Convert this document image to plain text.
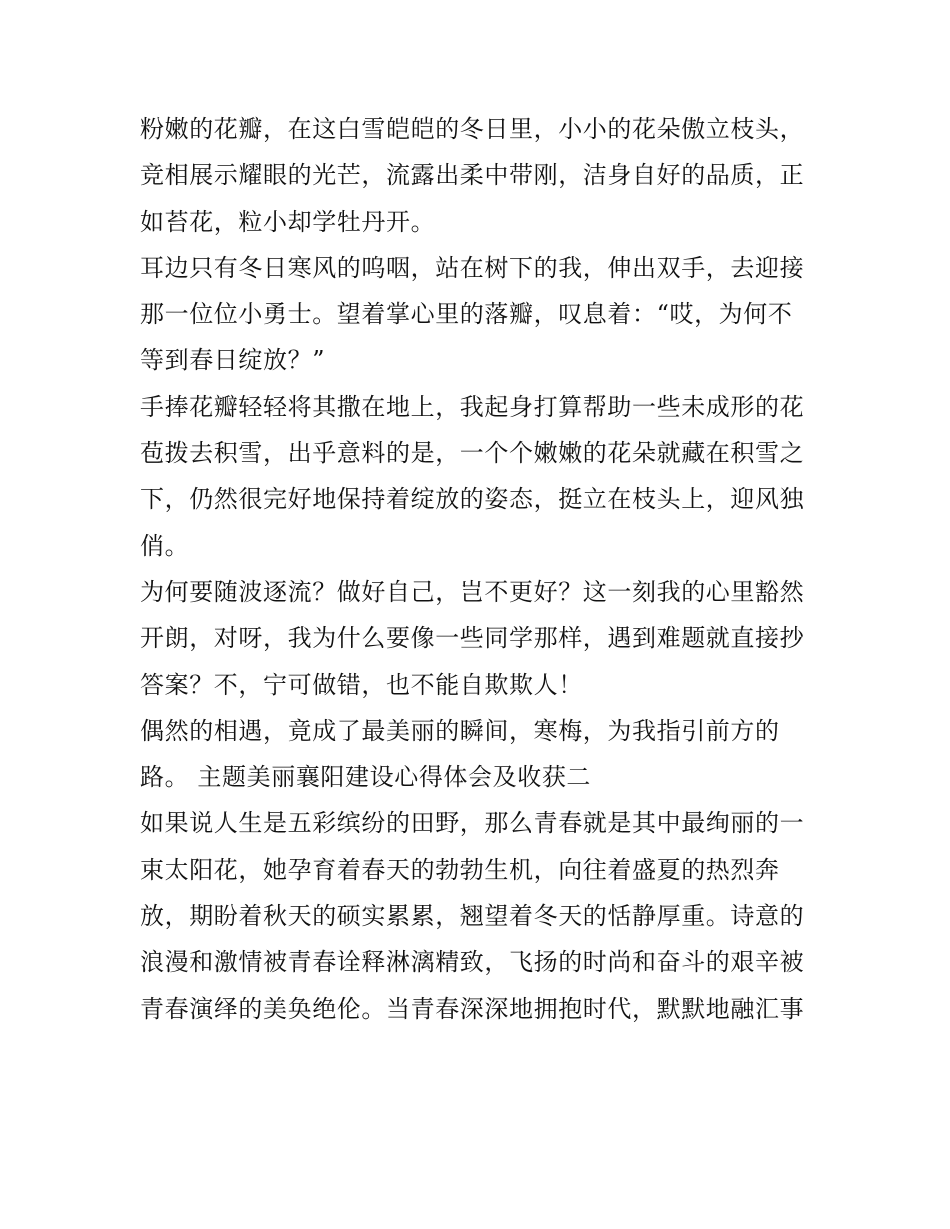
粉嫩的花瓣，在这白雪皑皑的冬日里，小小的花朵傲立枝头，
竞相展示耀眼的光芒，流露出柔中带刚，洁身自好的品质，正
如苔花，粒小却学牡丹开。
耳边只有冬日寒风的呜咽，站在树下的我，伸出双手，去迎接
那一位位小勇士。望着掌心里的落瓣，叹息着：“哎，为何不
等到春日绽放？”
手捧花瓣轻轻将其撒在地上，我起身打算帮助一些未成形的花
苞拨去积雪，出乎意料的是，一个个嫩嫩的花朵就藏在积雪之
下，仍然很完好地保持着绽放的姿态，挺立在枝头上，迎风独
俏。
为何要随波逐流？做好自己，岂不更好？这一刻我的心里豁然
开朗，对呀，我为什么要像一些同学那样，遇到难题就直接抄
答案？不，宁可做错，也不能自欺欺人！
偶然的相遇，竟成了最美丽的瞬间，寒梅，为我指引前方的
路。 主题美丽襄阳建设心得体会及收获二
如果说人生是五彩缤纷的田野，那么青春就是其中最绚丽的一
束太阳花，她孕育着春天的勃勃生机，向往着盛夏的热烈奔
放，期盼着秋天的硕实累累，翘望着冬天的恬静厚重。诗意的
浪漫和激情被青春诠释淋漓精致，飞扬的时尚和奋斗的艰辛被
青春演绎的美奂绝伦。当青春深深地拥抱时代，默默地融汇事
